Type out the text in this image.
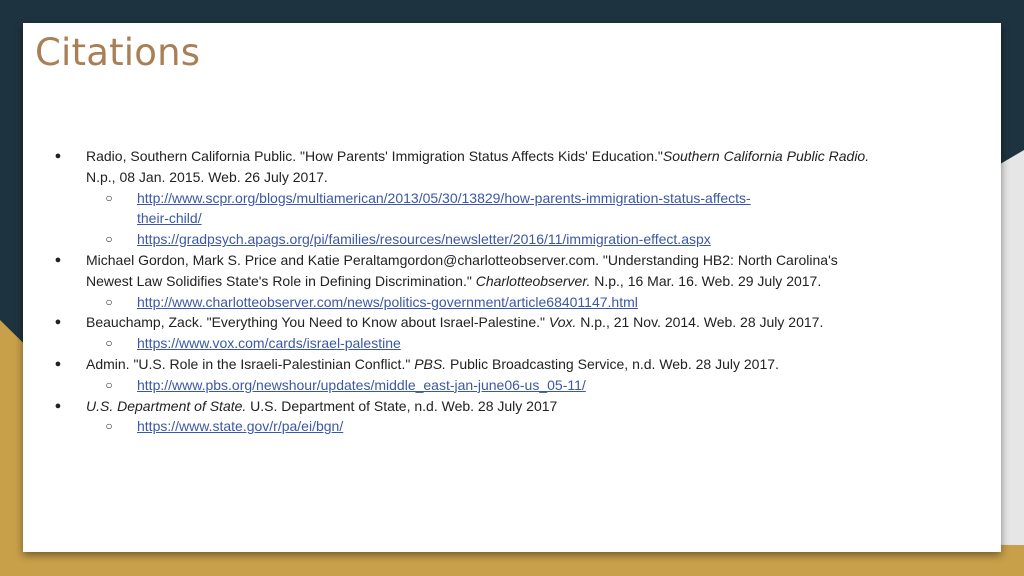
Citations
●	Radio, Southern California Public. "How Parents' Immigration Status Affects Kids' Education."Southern California Public Radio. N.p., 08 Jan. 2015. Web. 26 July 2017.
○ http://www.scpr.org/blogs/multiamerican/2013/05/30/13829/how-parents-immigration-status-affects-
their-child/
○ https://gradpsych.apags.org/pi/families/resources/newsletter/2016/11/immigration-effect.aspx
●	Michael Gordon, Mark S. Price and Katie Peraltamgordon@charlotteobserver.com. "Understanding HB2: North Carolina's Newest Law Solidifies State's Role in Defining Discrimination." Charlotteobserver. N.p., 16 Mar. 16. Web. 29 July 2017.
○ http://www.charlotteobserver.com/news/politics-government/article68401147.html
●	Beauchamp, Zack. "Everything You Need to Know about Israel-Palestine." Vox. N.p., 21 Nov. 2014. Web. 28 July 2017.
○ https://www.vox.com/cards/israel-palestine
●	Admin. "U.S. Role in the Israeli-Palestinian Conflict." PBS. Public Broadcasting Service, n.d. Web. 28 July 2017.
○ http://www.pbs.org/newshour/updates/middle_east-jan-june06-us_05-11/
●	U.S. Department of State. U.S. Department of State, n.d. Web. 28 July 2017
○ https://www.state.gov/r/pa/ei/bgn/
